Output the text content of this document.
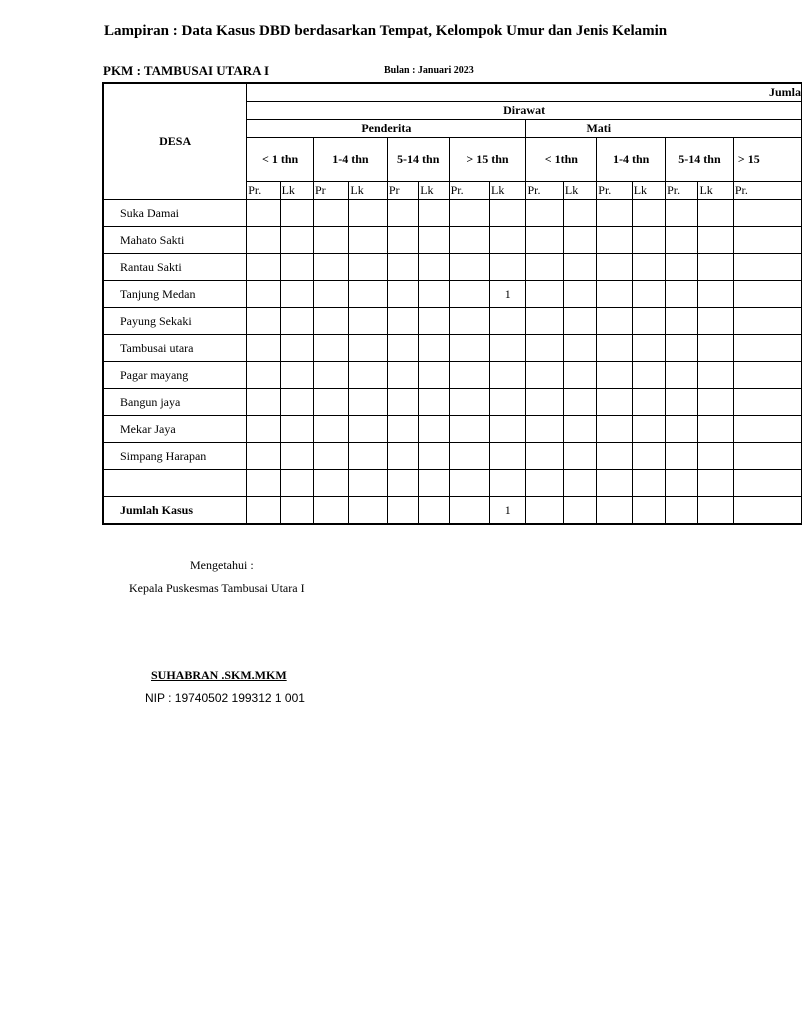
Lampiran : Data Kasus DBD berdasarkan Tempat, Kelompok Umur dan Jenis Kelamin
PKM : TAMBUSAI UTARA I	Bulan : Januari 2023
DESA	Jumla														
	Dirawat														
	Penderita								Mati						
	< 1 thn		1-4 thn		5-14 thn		> 15 thn		< 1thn		1-4 thn		5-14 thn		> 15
	Pr.	Lk	Pr	Lk	Pr	Lk	Pr.	Lk	Pr.	Lk	Pr.	Lk	Pr.	Lk	Pr.
Suka Damai															
Mahato Sakti															
Rantau Sakti															
Tanjung Medan								1							
Payung Sekaki															
Tambusai utara															
Pagar mayang															
Bangun jaya															
Mekar Jaya															
Simpang Harapan															

Jumlah Kasus								1							
Mengetahui :
Kepala Puskesmas Tambusai Utara I
SUHABRAN .SKM.MKM
NIP : 19740502 199312 1 001
